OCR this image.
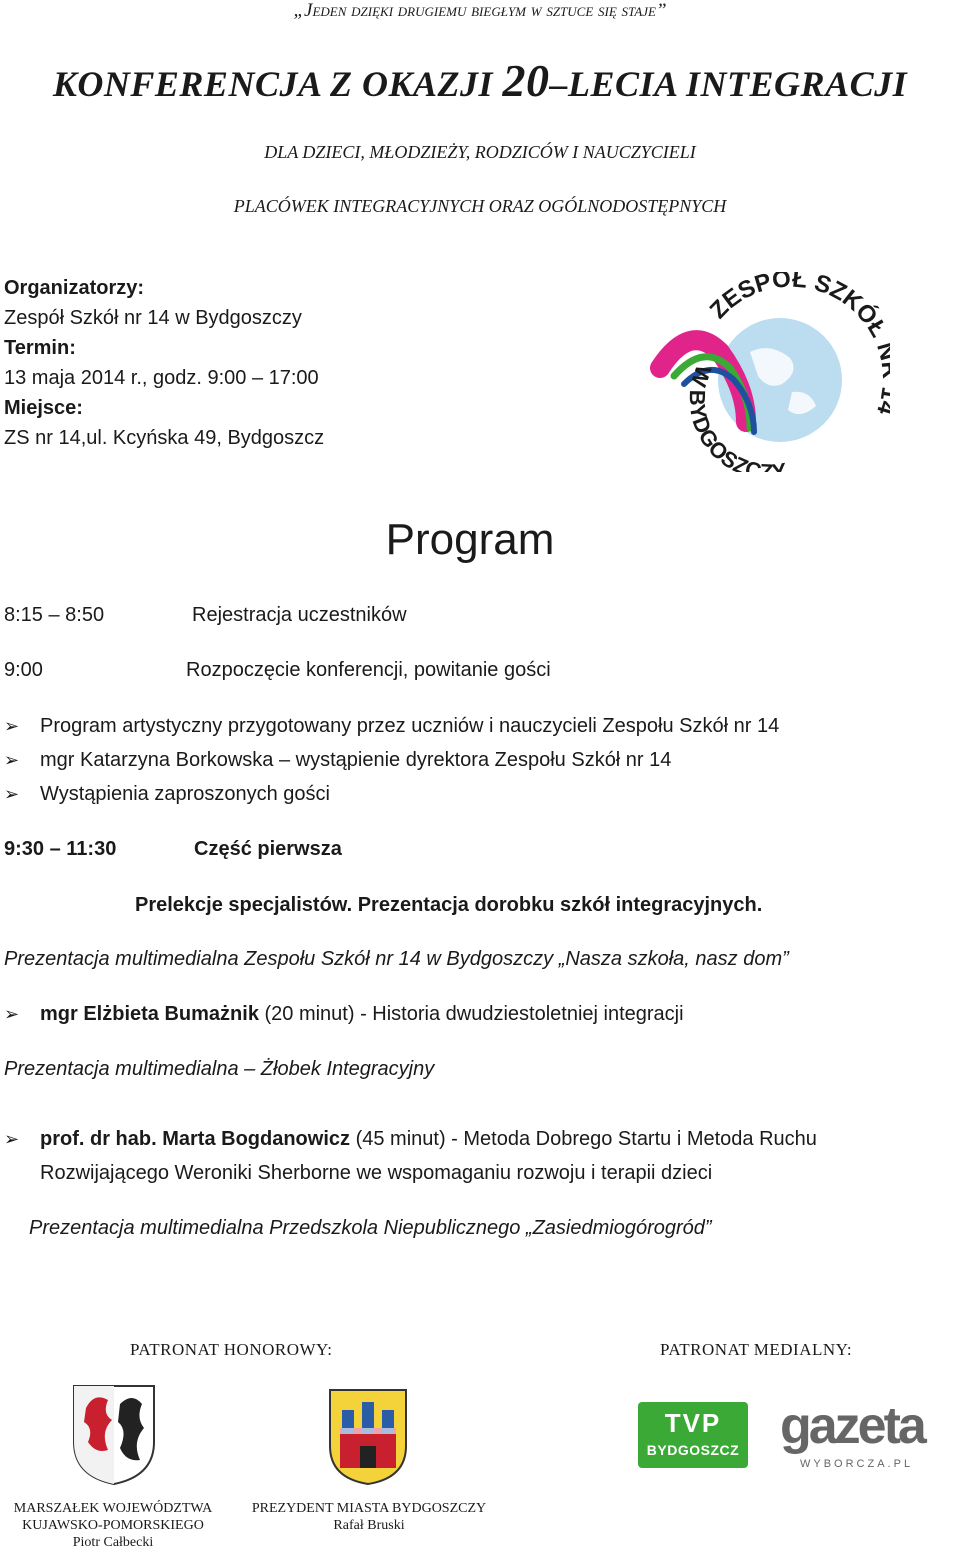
„Jeden dzięki drugiemu biegłym w sztuce się staje”
KONFERENCJA Z OKAZJI 20–LECIA INTEGRACJI
DLA DZIECI, MŁODZIEŻY, RODZICÓW I NAUCZYCIELI
PLACÓWEK INTEGRACYJNYCH ORAZ OGÓLNODOSTĘPNYCH
Organizatorzy:
Zespół Szkół nr 14 w Bydgoszczy
Termin:
13 maja 2014 r., godz. 9:00 – 17:00
Miejsce:
ZS nr 14,ul. Kcyńska 49, Bydgoszcz
ZESPÓŁ SZKÓŁ
W BYDGOSZCZY
Program
8:15 – 8:50	Rejestracja uczestników
9:00	Rozpoczęcie konferencji, powitanie gości
➢ Program artystyczny przygotowany przez uczniów i nauczycieli Zespołu Szkół nr 14
➢ mgr Katarzyna Borkowska – wystąpienie dyrektora Zespołu Szkół nr 14
➢ Wystąpienia zaproszonych gości
9:30 – 11:30	Część pierwsza
Prelekcje specjalistów. Prezentacja dorobku szkół integracyjnych.
Prezentacja multimedialna Zespołu Szkół nr 14 w Bydgoszczy „Nasza szkoła, nasz dom”
➢ mgr Elżbieta Bumażnik (20 minut) - Historia dwudziestoletniej integracji
Prezentacja multimedialna – Żłobek Integracyjny
➢ prof. dr hab. Marta Bogdanowicz (45 minut) - Metoda Dobrego Startu i Metoda Ruchu
Rozwijającego Weroniki Sherborne we wspomaganiu rozwoju i terapii dzieci
Prezentacja multimedialna Przedszkola Niepublicznego „Zasiedmiogórogród”
PATRONAT HONOROWY:	PATRONAT MEDIALNY:
TVP
BYDGOSZCZ gazeta
WYBORCZA.PL
MARSZAŁEK WOJEWÓDZTWA
KUJAWSKO-POMORSKIEGO
Piotr Całbecki
PREZYDENT MIASTA BYDGOSZCZY
Rafał Bruski
